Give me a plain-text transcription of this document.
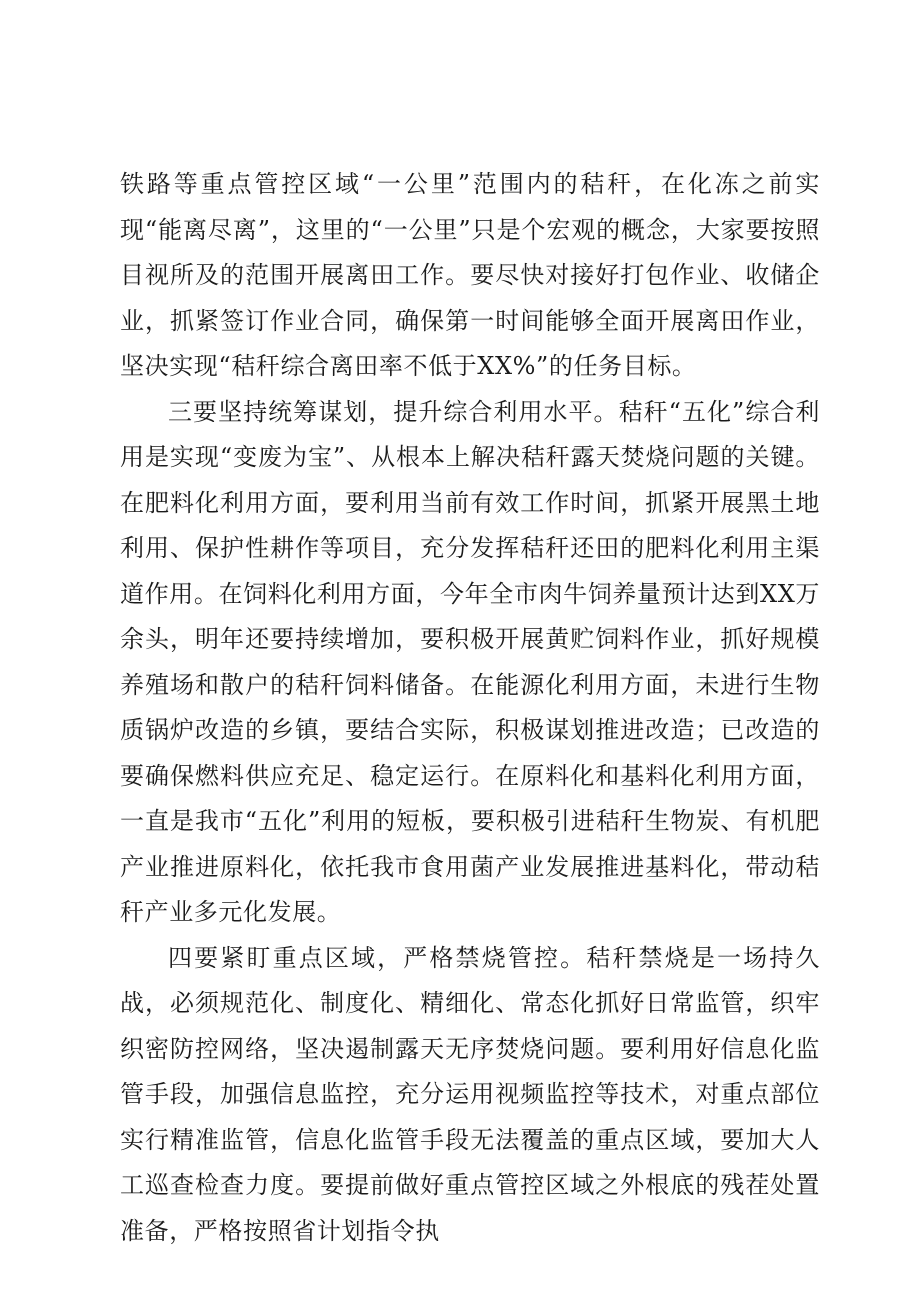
铁路等重点管控区域“一公里”范围内的秸秆，在化冻之前实现“能离尽离”，这里的“一公里”只是个宏观的概念，大家要按照目视所及的范围开展离田工作。要尽快对接好打包作业、收储企业，抓紧签订作业合同，确保第一时间能够全面开展离田作业，坚决实现“秸秆综合离田率不低于XX%”的任务目标。

三要坚持统筹谋划，提升综合利用水平。秸秆“五化”综合利用是实现“变废为宝”、从根本上解决秸秆露天焚烧问题的关键。在肥料化利用方面，要利用当前有效工作时间，抓紧开展黑土地利用、保护性耕作等项目，充分发挥秸秆还田的肥料化利用主渠道作用。在饲料化利用方面，今年全市肉牛饲养量预计达到XX万余头，明年还要持续增加，要积极开展黄贮饲料作业，抓好规模养殖场和散户的秸秆饲料储备。在能源化利用方面，未进行生物质锅炉改造的乡镇，要结合实际，积极谋划推进改造；已改造的要确保燃料供应充足、稳定运行。在原料化和基料化利用方面，一直是我市“五化”利用的短板，要积极引进秸秆生物炭、有机肥产业推进原料化，依托我市食用菌产业发展推进基料化，带动秸秆产业多元化发展。

四要紧盯重点区域，严格禁烧管控。秸秆禁烧是一场持久战，必须规范化、制度化、精细化、常态化抓好日常监管，织牢织密防控网络，坚决遏制露天无序焚烧问题。要利用好信息化监管手段，加强信息监控，充分运用视频监控等技术，对重点部位实行精准监管，信息化监管手段无法覆盖的重点区域，要加大人工巡查检查力度。要提前做好重点管控区域之外根底的残茬处置准备，严格按照省计划指令执
